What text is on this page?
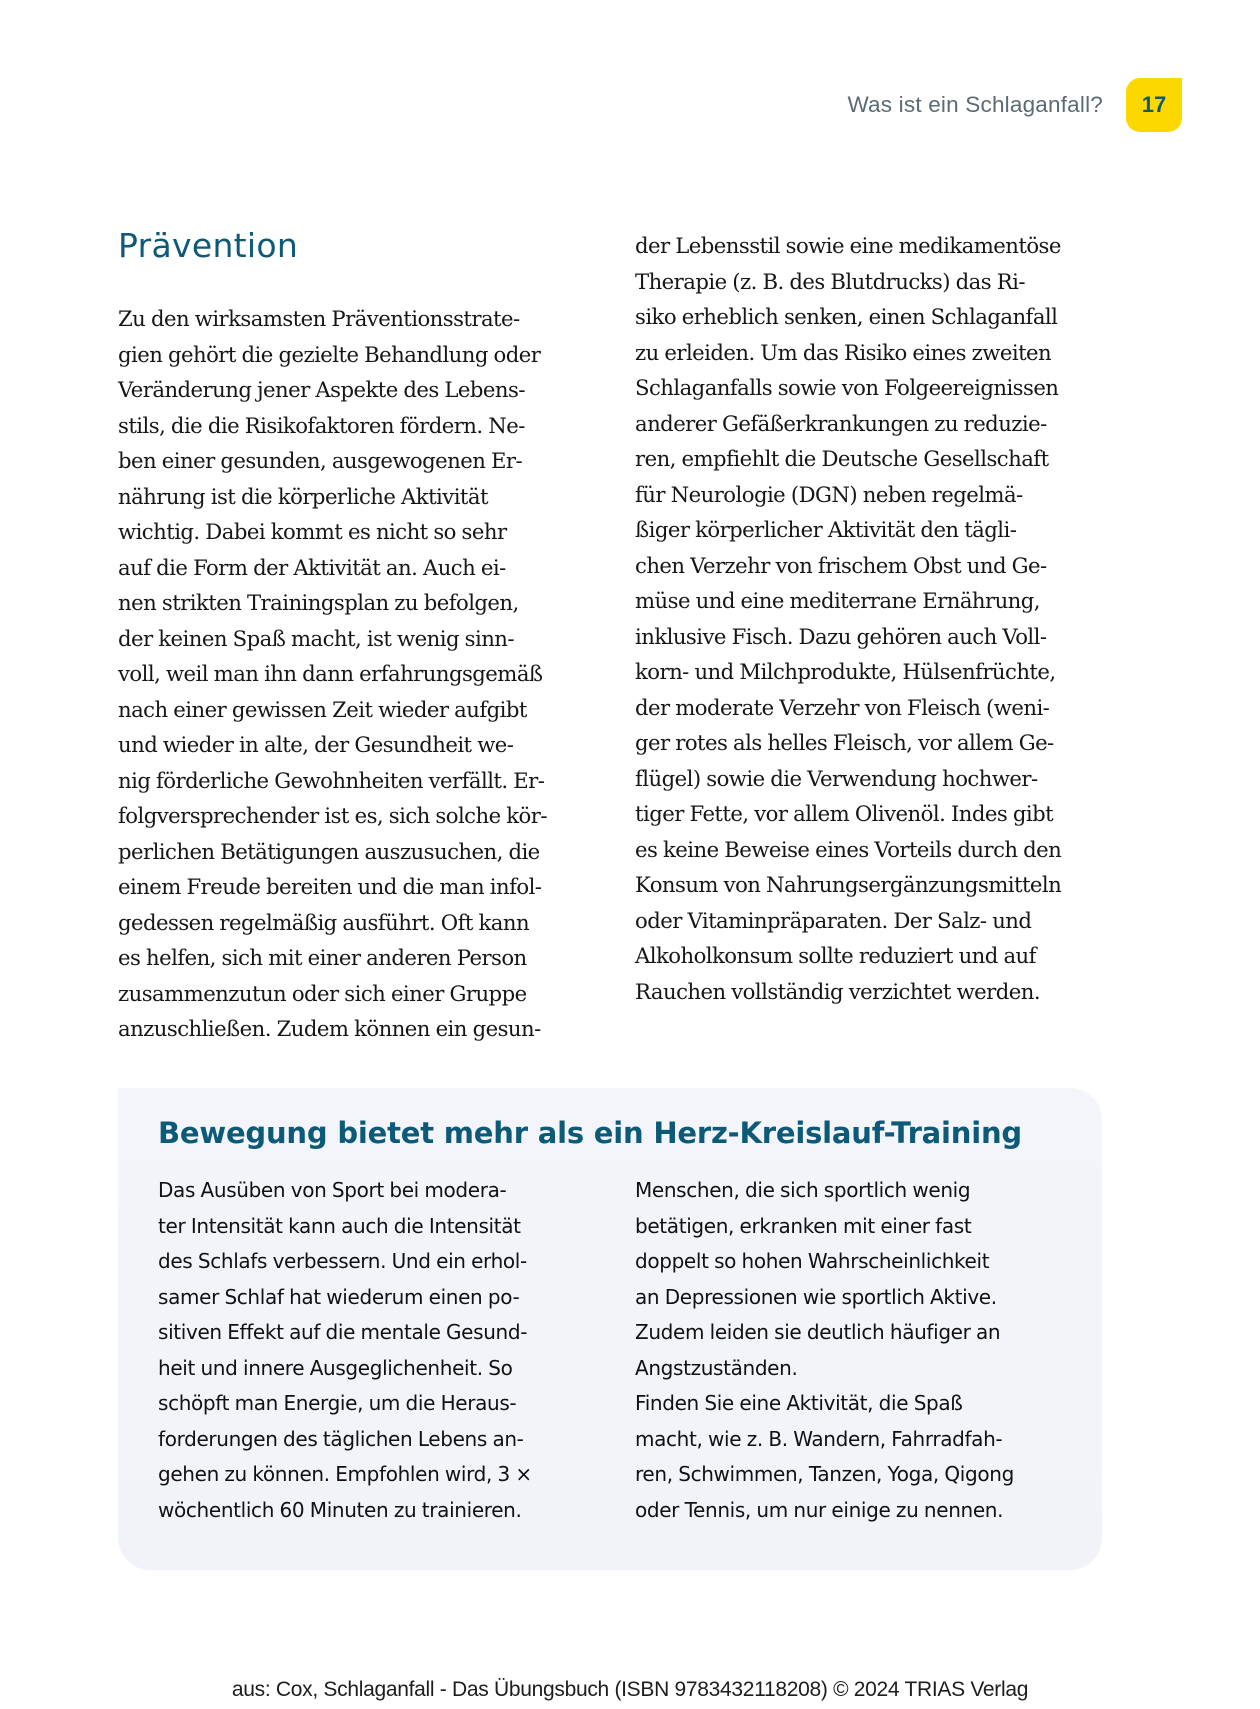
Was ist ein Schlaganfall? 17
Prävention
Zu den wirksamsten Präventionsstrate-
gien gehört die gezielte Behandlung oder
Veränderung jener Aspekte des Lebens-
stils, die die Risikofaktoren fördern. Ne-
ben einer gesunden, ausgewogenen Er-
nährung ist die körperliche Aktivität
wichtig. Dabei kommt es nicht so sehr
auf die Form der Aktivität an. Auch ei-
nen strikten Trainingsplan zu befolgen,
der keinen Spaß macht, ist wenig sinn-
voll, weil man ihn dann erfahrungsgemäß
nach einer gewissen Zeit wieder aufgibt
und wieder in alte, der Gesundheit we-
nig förderliche Gewohnheiten verfällt. Er-
folgversprechender ist es, sich solche kör-
perlichen Betätigungen auszusuchen, die
einem Freude bereiten und die man infol-
gedessen regelmäßig ausführt. Oft kann
es helfen, sich mit einer anderen Person
zusammenzutun oder sich einer Gruppe
anzuschließen. Zudem können ein gesun-
der Lebensstil sowie eine medikamentöse
Therapie (z. B. des Blutdrucks) das Ri-
siko erheblich senken, einen Schlaganfall
zu erleiden. Um das Risiko eines zweiten
Schlaganfalls sowie von Folgeereignissen
anderer Gefäßerkrankungen zu reduzie-
ren, empfiehlt die Deutsche Gesellschaft
für Neurologie (DGN) neben regelmä-
ßiger körperlicher Aktivität den tägli-
chen Verzehr von frischem Obst und Ge-
müse und eine mediterrane Ernährung,
inklusive Fisch. Dazu gehören auch Voll-
korn- und Milchprodukte, Hülsenfrüchte,
der moderate Verzehr von Fleisch (weni-
ger rotes als helles Fleisch, vor allem Ge-
flügel) sowie die Verwendung hochwer-
tiger Fette, vor allem Olivenöl. Indes gibt
es keine Beweise eines Vorteils durch den
Konsum von Nahrungsergänzungsmitteln
oder Vitaminpräparaten. Der Salz- und
Alkoholkonsum sollte reduziert und auf
Rauchen vollständig verzichtet werden.
Bewegung bietet mehr als ein Herz-Kreislauf-Training
Das Ausüben von Sport bei modera-
ter Intensität kann auch die Intensität
des Schlafs verbessern. Und ein erhol-
samer Schlaf hat wiederum einen po-
sitiven Effekt auf die mentale Gesund-
heit und innere Ausgeglichenheit. So
schöpft man Energie, um die Heraus-
forderungen des täglichen Lebens an-
gehen zu können. Empfohlen wird, 3 ×
wöchentlich 60 Minuten zu trainieren.
Menschen, die sich sportlich wenig
betätigen, erkranken mit einer fast
doppelt so hohen Wahrscheinlichkeit
an Depressionen wie sportlich Aktive.
Zudem leiden sie deutlich häufiger an
Angstzuständen.
Finden Sie eine Aktivität, die Spaß
macht, wie z. B. Wandern, Fahrradfah-
ren, Schwimmen, Tanzen, Yoga, Qigong
oder Tennis, um nur einige zu nennen.
aus: Cox, Schlaganfall - Das Übungsbuch (ISBN 9783432118208) © 2024 TRIAS Verlag
